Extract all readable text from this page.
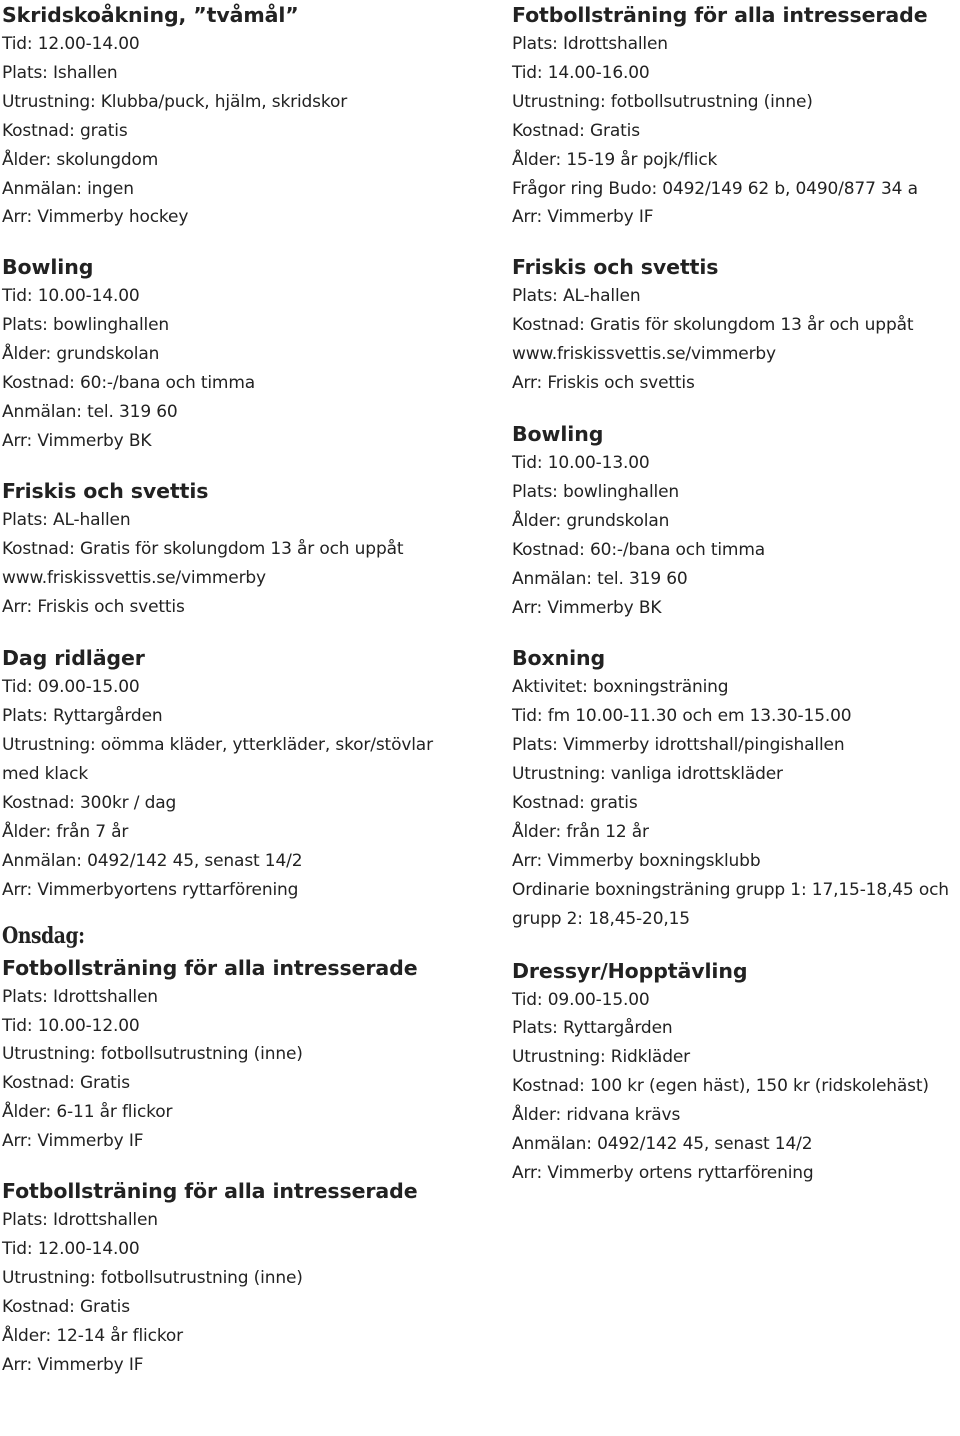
Skridskoåkning, ”tvåmål”
Tid: 12.00-14.00
Plats: Ishallen
Utrustning: Klubba/puck, hjälm, skridskor
Kostnad: gratis
Ålder: skolungdom
Anmälan: ingen
Arr: Vimmerby hockey
Bowling
Tid: 10.00-14.00
Plats: bowlinghallen
Ålder: grundskolan
Kostnad: 60:-/bana och timma
Anmälan: tel. 319 60
Arr: Vimmerby BK
Friskis och svettis
Plats: AL-hallen
Kostnad: Gratis för skolungdom 13 år och uppåt
www.friskissvettis.se/vimmerby
Arr: Friskis och svettis
Dag ridläger
Tid: 09.00-15.00
Plats: Ryttargården
Utrustning: oömma kläder, ytterkläder, skor/stövlar
med klack
Kostnad: 300kr / dag
Ålder: från 7 år
Anmälan: 0492/142 45, senast 14/2
Arr: Vimmerbyortens ryttarförening
Onsdag:
Fotbollsträning för alla intresserade
Plats: Idrottshallen
Tid: 10.00-12.00
Utrustning: fotbollsutrustning (inne)
Kostnad: Gratis
Ålder: 6-11 år flickor
Arr: Vimmerby IF
Fotbollsträning för alla intresserade
Plats: Idrottshallen
Tid: 12.00-14.00
Utrustning: fotbollsutrustning (inne)
Kostnad: Gratis
Ålder: 12-14 år flickor
Arr: Vimmerby IF
Fotbollsträning för alla intresserade
Plats: Idrottshallen
Tid: 14.00-16.00
Utrustning: fotbollsutrustning (inne)
Kostnad: Gratis
Ålder: 15-19 år pojk/flick
Frågor ring Budo: 0492/149 62 b, 0490/877 34 a
Arr: Vimmerby IF
Friskis och svettis
Plats: AL-hallen
Kostnad: Gratis för skolungdom 13 år och uppåt
www.friskissvettis.se/vimmerby
Arr: Friskis och svettis
Bowling
Tid: 10.00-13.00
Plats: bowlinghallen
Ålder: grundskolan
Kostnad: 60:-/bana och timma
Anmälan: tel. 319 60
Arr: Vimmerby BK
Boxning
Aktivitet: boxningsträning
Tid: fm 10.00-11.30 och em 13.30-15.00
Plats: Vimmerby idrottshall/pingishallen
Utrustning: vanliga idrottskläder
Kostnad: gratis
Ålder: från 12 år
Arr: Vimmerby boxningsklubb
Ordinarie boxningsträning grupp 1: 17,15-18,45 och
grupp 2: 18,45-20,15
Dressyr/Hopptävling
Tid: 09.00-15.00
Plats: Ryttargården
Utrustning: Ridkläder
Kostnad: 100 kr (egen häst), 150 kr (ridskolehäst)
Ålder: ridvana krävs
Anmälan: 0492/142 45, senast 14/2
Arr: Vimmerby ortens ryttarförening
